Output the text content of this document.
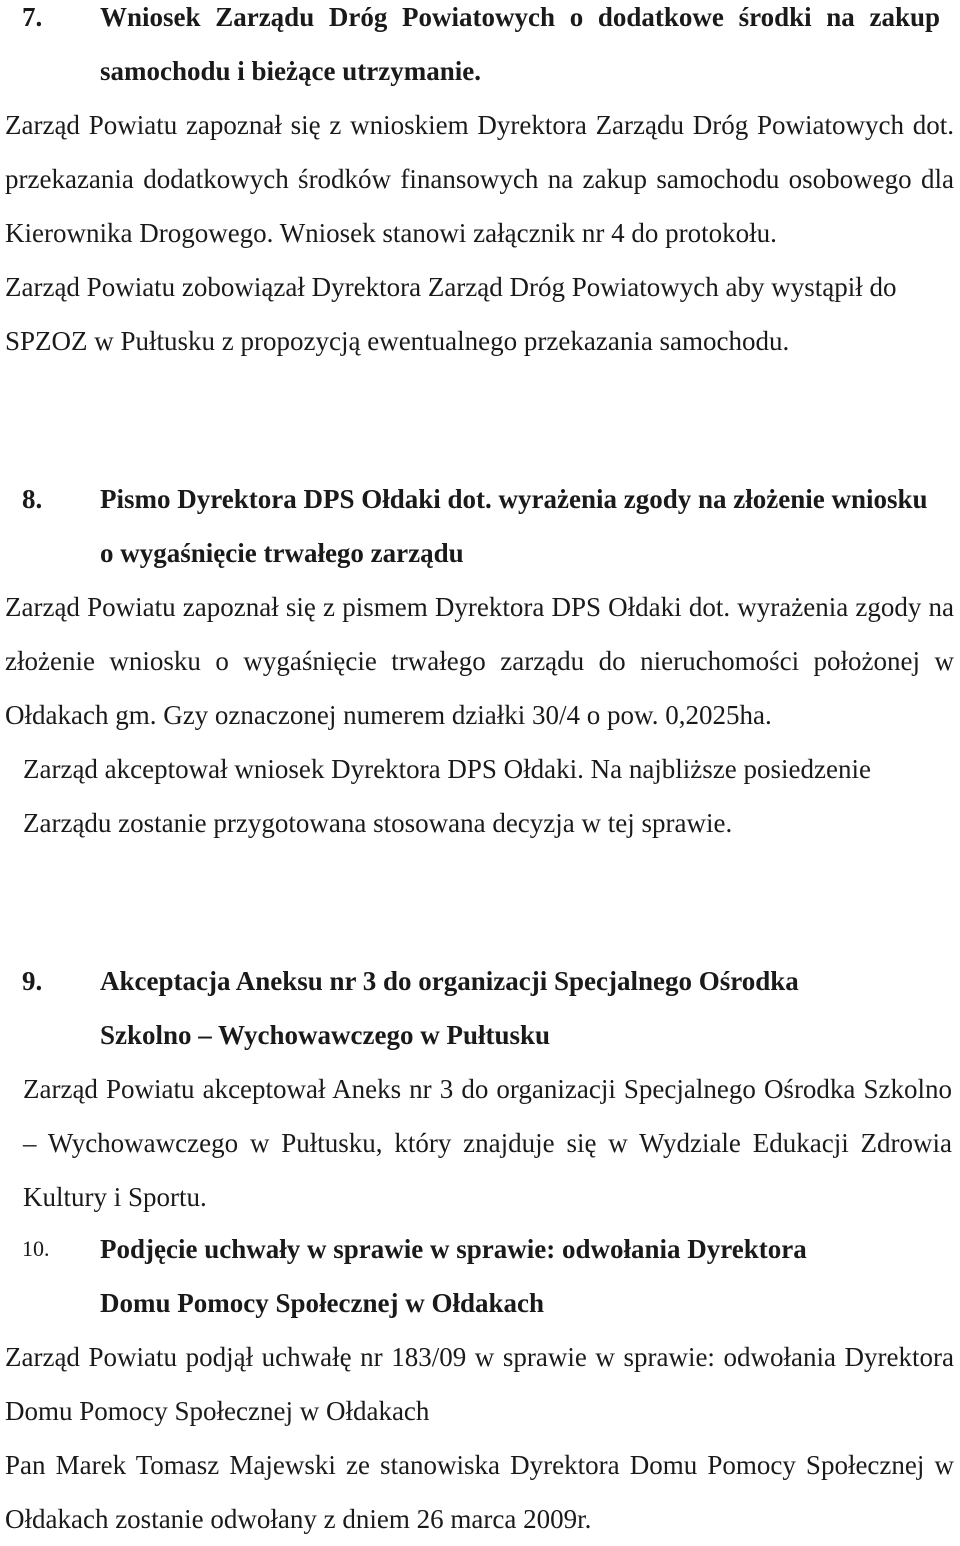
7.	Wniosek Zarządu Dróg Powiatowych o dodatkowe środki na zakup samochodu i bieżące utrzymanie.

Zarząd Powiatu zapoznał się z wnioskiem Dyrektora Zarządu Dróg Powiatowych dot. przekazania dodatkowych środków finansowych na zakup samochodu osobowego dla Kierownika Drogowego. Wniosek stanowi załącznik nr 4 do protokołu.

Zarząd Powiatu zobowiązał Dyrektora Zarząd Dróg Powiatowych aby wystąpił do SPZOZ w Pułtusku z propozycją ewentualnego przekazania samochodu.

8.	Pismo Dyrektora DPS Ołdaki dot. wyrażenia zgody na złożenie wniosku o wygaśnięcie trwałego zarządu

Zarząd Powiatu zapoznał się z pismem Dyrektora DPS Ołdaki dot. wyrażenia zgody na złożenie wniosku o wygaśnięcie trwałego zarządu do nieruchomości położonej w Ołdakach gm. Gzy oznaczonej numerem działki 30/4 o pow. 0,2025ha.

Zarząd akceptował wniosek Dyrektora DPS Ołdaki. Na najbliższe posiedzenie Zarządu zostanie przygotowana stosowana decyzja w tej sprawie.

9.	Akceptacja Aneksu nr 3 do organizacji Specjalnego Ośrodka Szkolno – Wychowawczego w Pułtusku

Zarząd Powiatu akceptował Aneks nr 3 do organizacji Specjalnego Ośrodka Szkolno – Wychowawczego w Pułtusku, który znajduje się w Wydziale Edukacji Zdrowia Kultury i Sportu.

10.	Podjęcie uchwały w sprawie w sprawie: odwołania Dyrektora Domu Pomocy Społecznej w Ołdakach

Zarząd Powiatu podjął uchwałę nr 183/09 w sprawie w sprawie: odwołania Dyrektora Domu Pomocy Społecznej w Ołdakach

Pan Marek Tomasz Majewski ze stanowiska Dyrektora Domu Pomocy Społecznej w Ołdakach zostanie odwołany z dniem 26 marca 2009r.
